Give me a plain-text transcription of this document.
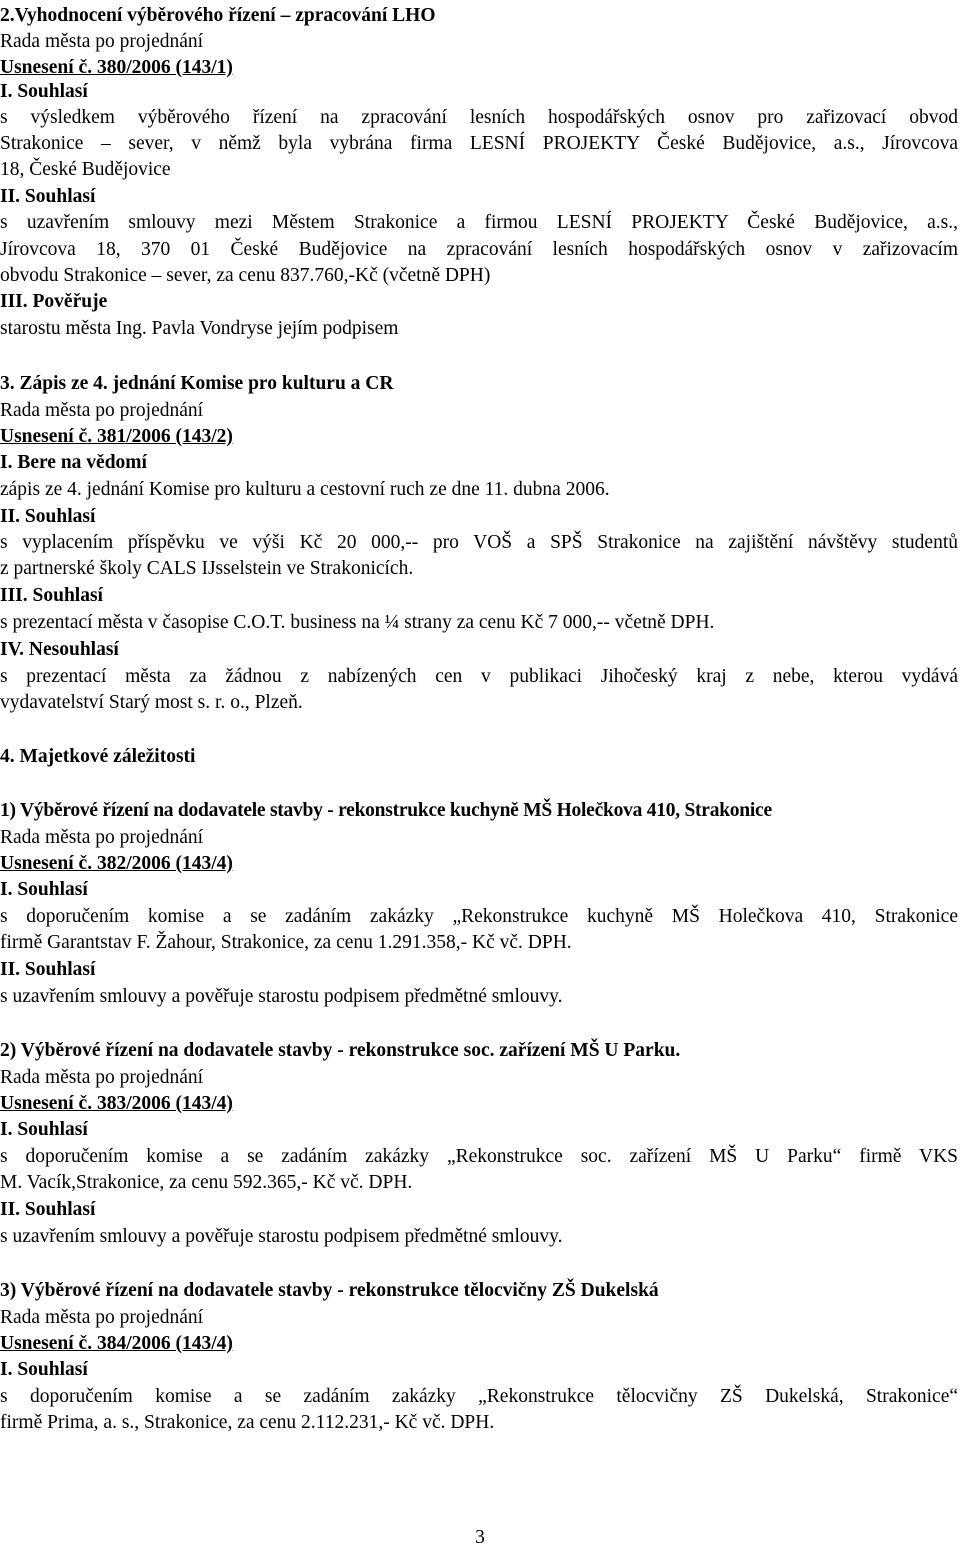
2.Vyhodnocení výběrového řízení – zpracování LHO
Rada města po projednání
Usnesení č. 380/2006 (143/1)
I. Souhlasí
s výsledkem výběrového řízení na zpracování lesních hospodářských osnov pro zařizovací obvod
Strakonice – sever, v němž byla vybrána firma LESNÍ PROJEKTY České Budějovice, a.s., Jírovcova
18, České Budějovice
II. Souhlasí
s uzavřením smlouvy mezi Městem Strakonice a firmou LESNÍ PROJEKTY České Budějovice, a.s.,
Jírovcova 18, 370 01 České Budějovice na zpracování lesních hospodářských osnov v zařizovacím
obvodu Strakonice – sever, za cenu 837.760,-Kč (včetně DPH)
III. Pověřuje
starostu města Ing. Pavla Vondryse jejím podpisem
3. Zápis ze 4. jednání Komise pro kulturu a CR
Rada města po projednání
Usnesení č. 381/2006 (143/2)
I. Bere na vědomí
zápis ze 4. jednání Komise pro kulturu a cestovní ruch ze dne 11. dubna 2006.
II. Souhlasí
s vyplacením příspěvku ve výši Kč 20 000,-- pro VOŠ a SPŠ Strakonice na zajištění návštěvy studentů
z partnerské školy CALS IJsselstein ve Strakonicích.
III. Souhlasí
s prezentací města v časopise C.O.T. business na ¼ strany za cenu Kč 7 000,-- včetně DPH.
IV. Nesouhlasí
s prezentací města za žádnou z nabízených cen v publikaci Jihočeský kraj z nebe, kterou vydává
vydavatelství Starý most s. r. o., Plzeň.
4. Majetkové záležitosti
1) Výběrové řízení na dodavatele stavby - rekonstrukce kuchyně MŠ Holečkova 410, Strakonice
Rada města po projednání
Usnesení č. 382/2006 (143/4)
I. Souhlasí
s doporučením komise a se zadáním zakázky „Rekonstrukce kuchyně MŠ Holečkova 410, Strakonice
firmě Garantstav F. Žahour, Strakonice, za cenu 1.291.358,- Kč vč. DPH.
II. Souhlasí
s uzavřením smlouvy a pověřuje starostu podpisem předmětné smlouvy.
2) Výběrové řízení na dodavatele stavby - rekonstrukce soc. zařízení MŠ U Parku.
Rada města po projednání
Usnesení č. 383/2006 (143/4)
I. Souhlasí
s doporučením komise a se zadáním zakázky „Rekonstrukce soc. zařízení MŠ U Parku“ firmě VKS
M. Vacík,Strakonice, za cenu 592.365,- Kč vč. DPH.
II. Souhlasí
s uzavřením smlouvy a pověřuje starostu podpisem předmětné smlouvy.
3) Výběrové řízení na dodavatele stavby - rekonstrukce tělocvičny ZŠ Dukelská
Rada města po projednání
Usnesení č. 384/2006 (143/4)
I. Souhlasí
s doporučením komise a se zadáním zakázky „Rekonstrukce tělocvičny ZŠ Dukelská, Strakonice“
firmě Prima, a. s., Strakonice, za cenu 2.112.231,- Kč vč. DPH.
3
